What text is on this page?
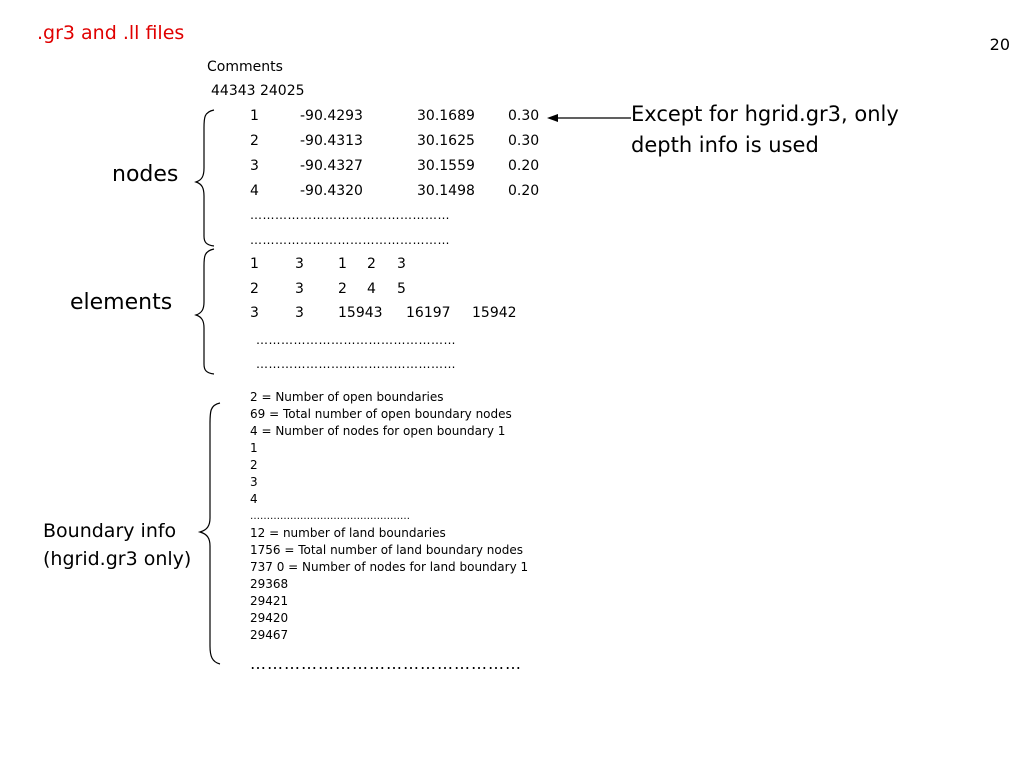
.gr3 and .ll files
20
Comments
44343 24025
1	-90.4293	30.1689 0.30
2	-90.4313	30.1625 0.30
3	-90.4327	30.1559 0.20
4	-90.4320	30.1498 0.20
…………………………………………
…………………………………………
1	3 1 2 3
2	3 2 4 5
3	3 15943 16197 15942
…………………………………………
…………………………………………
nodes
elements
Boundary info
(hgrid.gr3 only)
Except for hgrid.gr3, only
depth info is used
2 = Number of open boundaries
69 = Total number of open boundary nodes
4 = Number of nodes for open boundary 1
1
2
3
4
…………………………………………
12 = number of land boundaries
1756 = Total number of land boundary nodes
737 0 = Number of nodes for land boundary 1
29368
29421
29420
29467
…………………………………………
